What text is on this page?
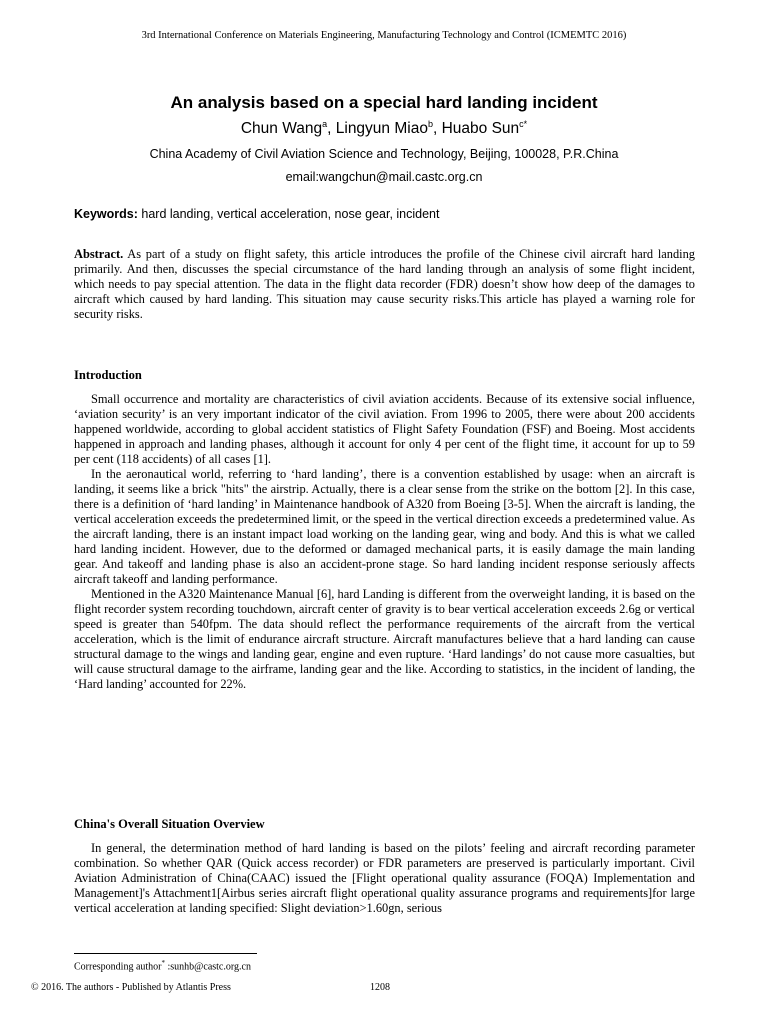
3rd International Conference on Materials Engineering, Manufacturing Technology and Control (ICMEMTC 2016)
An analysis based on a special hard landing incident
Chun Wang$^a$, Lingyun Miao$^b$, Huabo Sun$^{c*}$
China Academy of Civil Aviation Science and Technology, Beijing, 100028, P.R.China
email:wangchun@mail.castc.org.cn
Keywords: hard landing, vertical acceleration, nose gear, incident

Abstract. As part of a study on flight safety, this article introduces the profile of the Chinese civil aircraft hard landing primarily. And then, discusses the special circumstance of the hard landing through an analysis of some flight incident, which needs to pay special attention. The data in the flight data recorder (FDR) doesn’t show how deep of the damages to aircraft which caused by hard landing. This situation may cause security risks.This article has played a warning role for security risks.

Introduction

Small occurrence and mortality are characteristics of civil aviation accidents. Because of its extensive social influence, ‘aviation security’ is an very important indicator of the civil aviation. From 1996 to 2005, there were about 200 accidents happened worldwide, according to global accident statistics of Flight Safety Foundation (FSF) and Boeing. Most accidents happened in approach and landing phases, although it account for only 4 per cent of the flight time, it account for up to 59 per cent (118 accidents) of all cases [1].

In the aeronautical world, referring to ‘hard landing’, there is a convention established by usage: when an aircraft is landing, it seems like a brick "hits" the airstrip. Actually, there is a clear sense from the strike on the bottom [2]. In this case, there is a definition of ‘hard landing’ in Maintenance handbook of A320 from Boeing [3-5]. When the aircraft is landing, the vertical acceleration exceeds the predetermined limit, or the speed in the vertical direction exceeds a predetermined value. As the aircraft landing, there is an instant impact load working on the landing gear, wing and body. And this is what we called hard landing incident. However, due to the deformed or damaged mechanical parts, it is easily damage the main landing gear. And takeoff and landing phase is also an accident-prone stage. So hard landing incident response seriously affects aircraft takeoff and landing performance.

Mentioned in the A320 Maintenance Manual [6], hard Landing is different from the overweight landing, it is based on the flight recorder system recording touchdown, aircraft center of gravity is to bear vertical acceleration exceeds 2.6g or vertical speed is greater than 540fpm. The data should reflect the performance requirements of the aircraft from the vertical acceleration, which is the limit of endurance aircraft structure. Aircraft manufactures believe that a hard landing can cause structural damage to the wings and landing gear, engine and even rupture. ‘Hard landings’ do not cause more casualties, but will cause structural damage to the airframe, landing gear and the like. According to statistics, in the incident of landing, the ‘Hard landing’ accounted for 22%.

China's Overall Situation Overview

In general, the determination method of hard landing is based on the pilots’ feeling and aircraft recording parameter combination. So whether QAR (Quick access recorder) or FDR parameters are preserved is particularly important. Civil Aviation Administration of China(CAAC) issued the [Flight operational quality assurance (FOQA) Implementation and Management]'s Attachment1[Airbus series aircraft flight operational quality assurance programs and requirements]for large vertical acceleration at landing specified: Slight deviation>1.60gn, serious

Corresponding author* :sunhb@castc.org.cn
© 2016. The authors - Published by Atlantis Press	1208
